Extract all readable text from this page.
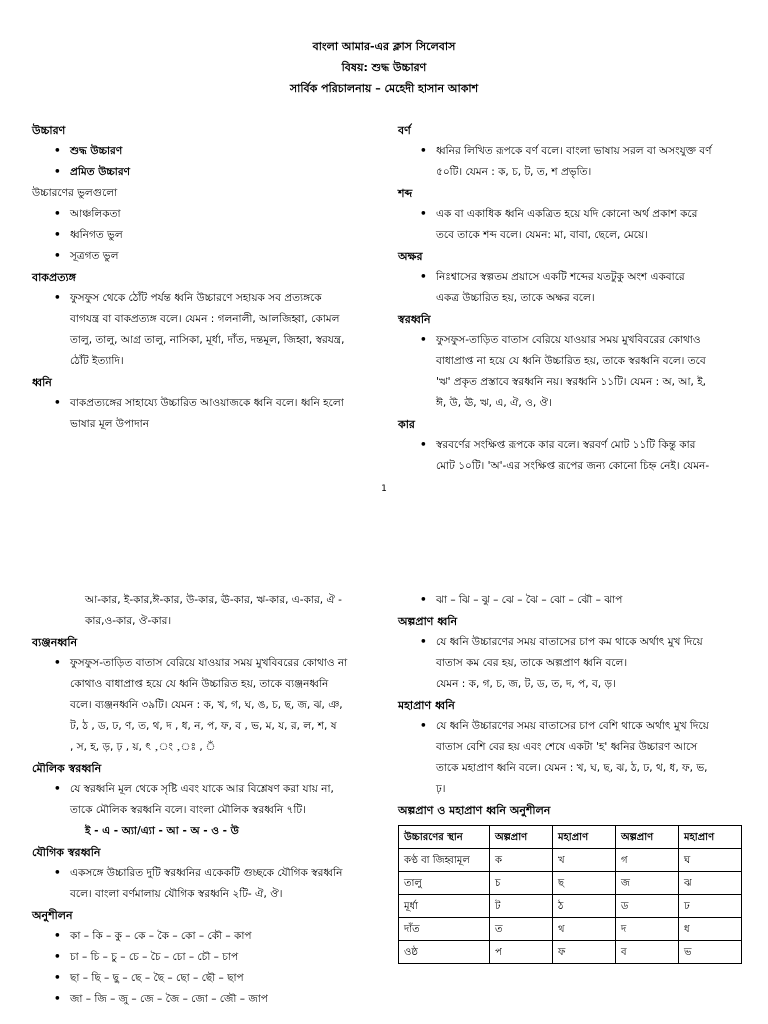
বাংলা আমার-এর ক্লাস সিলেবাস
বিষয়: শুদ্ধ উচ্চারণ
সার্বিক পরিচালনায় – মেহেদী হাসান আকাশ
উচ্চারণ
• শুদ্ধ উচ্চারণ
• প্রমিত উচ্চারণ
উচ্চারণের ভুলগুলো
• আঞ্চলিকতা
• ধ্বনিগত ভুল
• সূত্রগত ভুল
বাকপ্রত্যঙ্গ
• ফুসফুস থেকে ঠোঁট পর্যন্ত ধ্বনি উচ্চারণে সহায়ক সব প্রত্যঙ্গকে
বাগযন্ত্র বা বাকপ্রত্যঙ্গ বলে। যেমন : গলনালী, আলজিহ্বা, কোমল
তালু, তালু, আগ্র তালু, নাসিকা, মূর্ধা, দাঁত, দন্তমূল, জিহ্বা, স্বরযন্ত্র,
ঠোঁট ইত্যাদি।
ধ্বনি
• বাকপ্রত্যঙ্গের সাহায্যে উচ্চারিত আওয়াজকে ধ্বনি বলে। ধ্বনি হলো
ভাষার মূল উপাদান
বর্ণ
• ধ্বনির লিখিত রূপকে বর্ণ বলে। বাংলা ভাষায় সরল বা অসংযুক্ত বর্ণ
৫০টি। যেমন : ক, চ, ট, ত, শ প্রভৃতি।
শব্দ
• এক বা একাধিক ধ্বনি একত্রিত হয়ে যদি কোনো অর্থ প্রকাশ করে
তবে তাকে শব্দ বলে। যেমন: মা, বাবা, ছেলে, মেয়ে।
অক্ষর
• নিঃশ্বাসের স্বল্পতম প্রয়াসে একটি শব্দের যতটুকু অংশ একবারে
একত্র উচ্চারিত হয়, তাকে অক্ষর বলে।
স্বরধ্বনি
• ফুসফুস-তাড়িত বাতাস বেরিয়ে যাওয়ার সময় মুখবিবরের কোথাও
বাধাপ্রাপ্ত না হয়ে যে ধ্বনি উচ্চারিত হয়, তাকে স্বরধ্বনি বলে। তবে
'ঋ' প্রকৃত প্রস্তাবে স্বরধ্বনি নয়। স্বরধ্বনি ১১টি। যেমন : অ, আ, ই,
ঈ, উ, ঊ, ঋ, এ, ঐ, ও, ঔ।
কার
• স্বরবর্ণের সংক্ষিপ্ত রূপকে কার বলে। স্বরবর্ণ মোট ১১টি কিন্তু কার
মোট ১০টি। 'অ'-এর সংক্ষিপ্ত রূপের জন্য কোনো চিহ্ন নেই। যেমন-
1
আ-কার, ই-কার,ঈ-কার, উ-কার, ঊ-কার, ঋ-কার, এ-কার, ঐ -
কার,ও-কার, ঔ-কার।
ব্যঞ্জনধ্বনি
• ফুসফুস-তাড়িত বাতাস বেরিয়ে যাওয়ার সময় মুখবিবরের কোথাও না
কোথাও বাধাপ্রাপ্ত হয়ে যে ধ্বনি উচ্চারিত হয়, তাকে ব্যঞ্জনধ্বনি
বলে। ব্যঞ্জনধ্বনি ৩৯টি। যেমন : ক, খ, গ, ঘ, ঙ, চ, ছ, জ, ঝ, ঞ,
ট, ঠ , ড, ঢ, ণ, ত, থ, দ , ধ, ন, প, ফ, ব , ভ, ম, য, র, ল, শ, ষ
, স, হ, ড়, ঢ় , য়, ৎ ,ং ,ঃ , ঁ
মৌলিক স্বরধ্বনি
• যে স্বরধ্বনি মূল থেকে সৃষ্টি এবং যাকে আর বিশ্লেষণ করা যায় না,
তাকে মৌলিক স্বরধ্বনি বলে। বাংলা মৌলিক স্বরধ্বনি ৭টি।
ই - এ - অ্যা/এ্যা - আ - অ - ও - উ
যৌগিক স্বরধ্বনি
• একসঙ্গে উচ্চারিত দুটি স্বরধ্বনির একেকটি গুচ্ছকে যৌগিক স্বরধ্বনি
বলে। বাংলা বর্ণমালায় যৌগিক স্বরধ্বনি ২টি- ঐ, ঔ।
অনুশীলন
• কা – কি – কু – কে – কৈ – কো – কৌ – কাপ
• চা – চি – চু – চে – চৈ – চো – চৌ – চাপ
• ছা – ছি – ছু – ছে – ছৈ – ছো – ছৌ – ছাপ
• জা – জি – জু – জে – জৈ – জো – জৌ – জাপ
• ঝা – ঝি – ঝু – ঝে – ঝৈ – ঝো – ঝৌ – ঝাপ
অল্পপ্রাণ ধ্বনি
• যে ধ্বনি উচ্চারণের সময় বাতাসের চাপ কম থাকে অর্থাৎ মুখ দিয়ে
বাতাস কম বের হয়, তাকে অল্পপ্রাণ ধ্বনি বলে।
যেমন : ক, গ, চ, জ, ট, ড, ত, দ, প, ব, ড়।
মহাপ্রাণ ধ্বনি
• যে ধ্বনি উচ্চারণের সময় বাতাসের চাপ বেশি থাকে অর্থাৎ মুখ দিয়ে
বাতাস বেশি বের হয় এবং শেষে একটা 'হ' ধ্বনির উচ্চারণ আসে
তাকে মহাপ্রাণ ধ্বনি বলে। যেমন : খ, ঘ, ছ, ঝ, ঠ, ঢ, থ, ধ, ফ, ভ,
ঢ়।
অল্পপ্রাণ ও মহাপ্রাণ ধ্বনি অনুশীলন
উচ্চারণের স্থান	অল্পপ্রাণ	মহাপ্রাণ	অল্পপ্রাণ	মহাপ্রাণ
কণ্ঠ বা জিহ্বামূল	ক	খ	গ	ঘ
তালু	চ	ছ	জ	ঝ
মূর্ধা	ট	ঠ	ড	ঢ
দাঁত	ত	থ	দ	ধ
ওষ্ঠ	প	ফ	ব	ভ
